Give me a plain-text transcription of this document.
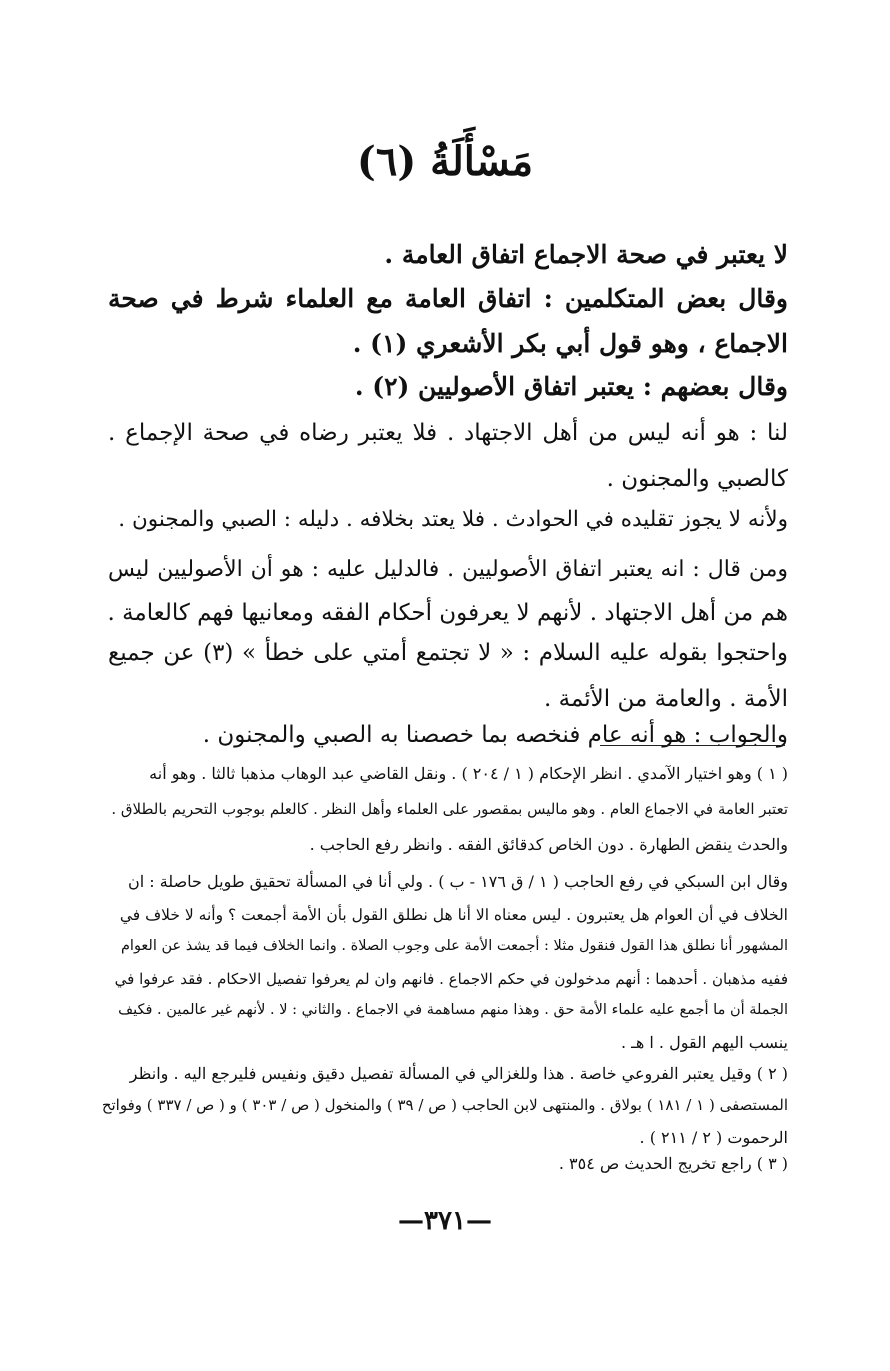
مَسْأَلَةُ (٦)
لا يعتبر في صحة الاجماع اتفاق العامة .
وقال بعض المتكلمين : اتفاق العامة مع العلماء شرط في صحة
الاجماع ، وهو قول أبي بكر الأشعري (١) .
وقال بعضهم : يعتبر اتفاق الأصوليين (٢) .
لنا : هو أنه ليس من أهل الاجتهاد . فلا يعتبر رضاه في صحة الإجماع .
كالصبي والمجنون .
ولأنه لا يجوز تقليده في الحوادث . فلا يعتد بخلافه . دليله : الصبي والمجنون .
ومن قال : انه يعتبر اتفاق الأصوليين . فالدليل عليه : هو أن الأصوليين ليس
هم من أهل الاجتهاد . لأنهم لا يعرفون أحكام الفقه ومعانيها فهم كالعامة .
واحتجوا بقوله عليه السلام : « لا تجتمع أمتي على خطأ » (٣) عن جميع
الأمة . والعامة من الأئمة .
والجواب : هو أنه عام فنخصه بما خصصنا به الصبي والمجنون .
( ١ ) وهو اختيار الآمدي . انظر الإحكام ( ١ / ٢٠٤ ) . ونقل القاضي عبد الوهاب مذهبا ثالثا . وهو أنه
تعتبر العامة في الاجماع العام . وهو ماليس بمقصور على العلماء وأهل النظر . كالعلم بوجوب التحريم بالطلاق .
والحدث ينقض الطهارة . دون الخاص كدقائق الفقه . وانظر رفع الحاجب .
وقال ابن السبكي في رفع الحاجب ( ١ / ق ١٧٦ - ب ) . ولي أنا في المسألة تحقيق طويل حاصلة : ان
الخلاف في أن العوام هل يعتبرون . ليس معناه الا أنا هل نطلق القول بأن الأمة أجمعت ؟ وأنه لا خلاف في
المشهور أنا نطلق هذا القول فنقول مثلا : أجمعت الأمة على وجوب الصلاة . وانما الخلاف فيما قد يشذ عن العوام
ففيه مذهبان . أحدهما : أنهم مدخولون في حكم الاجماع . فانهم وان لم يعرفوا تفصيل الاحكام . فقد عرفوا في
الجملة أن ما أجمع عليه علماء الأمة حق . وهذا منهم مساهمة في الاجماع . والثاني : لا . لأنهم غير عالمين . فكيف
ينسب اليهم القول . ا هـ .
( ٢ ) وقيل يعتبر الفروعي خاصة . هذا وللغزالي في المسألة تفصيل دقيق ونفيس فليرجع اليه . وانظر
المستصفى ( ١ / ١٨١ ) بولاق . والمنتهى لابن الحاجب ( ص / ٣٩ ) والمنخول ( ص / ٣٠٣ ) و ( ص / ٣٣٧ ) وفواتح
الرحموت ( ٢ / ٢١١ ) .
( ٣ ) راجع تخريج الحديث ص ٣٥٤ .
—٣٧١—
